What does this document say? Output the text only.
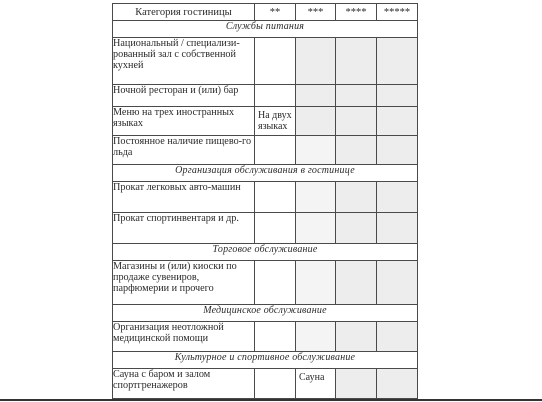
Категория гостиницы	**	***	****	*****
Службы питания				
Национальный / специализи-рованный зал с собственной кухней	

Ночной ресторан и (или) бар	

Меню на трех иностранных языках	На двух языках			

Постоянное наличие пищево-го льда	

Организация обслуживания в гостинице				
Прокат легковых авто-машин	

Прокат спортинвентаря и др.	

Торговое обслуживание				
Магазины и (или) киоски по продаже сувениров, парфюмерии и прочего	

Медицинское обслуживание				
Организация неотложной медицинской помощи	

Культурное и спортивное обслуживание				
Сауна с баром и залом спортгренажеров		Сауна		
